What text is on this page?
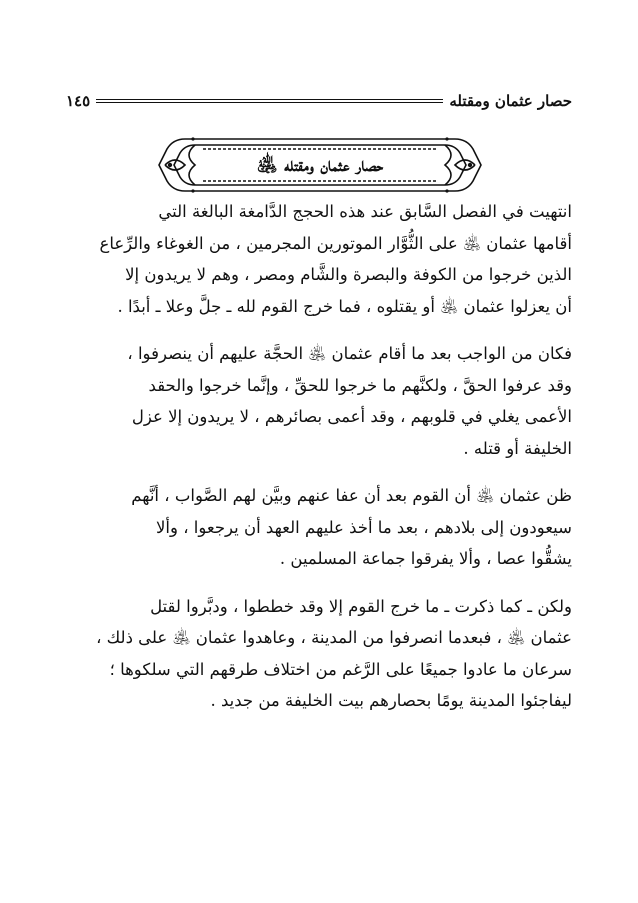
حصار عثمان ومقتله
١٤٥
حصار عثمان ومقتله ﵁
انتهيت في الفصل السَّابق عند هذه الحجج الدَّامغة البالغة التي
أقامها عثمان ﵁ على الثُّوَّار الموتورين المجرمين ، من الغوغاء والرِّعاع
الذين خرجوا من الكوفة والبصرة والشَّام ومصر ، وهم لا يريدون إلا
أن يعزلوا عثمان ﵁ أو يقتلوه ، فما خرج القوم لله ـ جلَّ وعلا ـ أبدًا .
فكان من الواجب بعد ما أقام عثمان ﵁ الحجَّة عليهم أن ينصرفوا ،
وقد عرفوا الحقَّ ، ولكنَّهم ما خرجوا للحقِّ ، وإنَّما خرجوا والحقد
الأعمى يغلي في قلوبهم ، وقد أعمى بصائرهم ، لا يريدون إلا عزل
الخليفة أو قتله .
ظن عثمان ﵁ أن القوم بعد أن عفا عنهم وبيَّن لهم الصَّواب ، أنَّهم
سيعودون إلى بلادهم ، بعد ما أخذ عليهم العهد أن يرجعوا ، وألا
يشقُّوا عصا ، وألا يفرقوا جماعة المسلمين .
ولكن ـ كما ذكرت ـ ما خرج القوم إلا وقد خططوا ، ودبَّروا لقتل
عثمان ﵁ ، فبعدما انصرفوا من المدينة ، وعاهدوا عثمان ﵁ على ذلك ،
سرعان ما عادوا جميعًا على الرَّغم من اختلاف طرقهم التي سلكوها ؛
ليفاجئوا المدينة يومًا بحصارهم بيت الخليفة من جديد .
